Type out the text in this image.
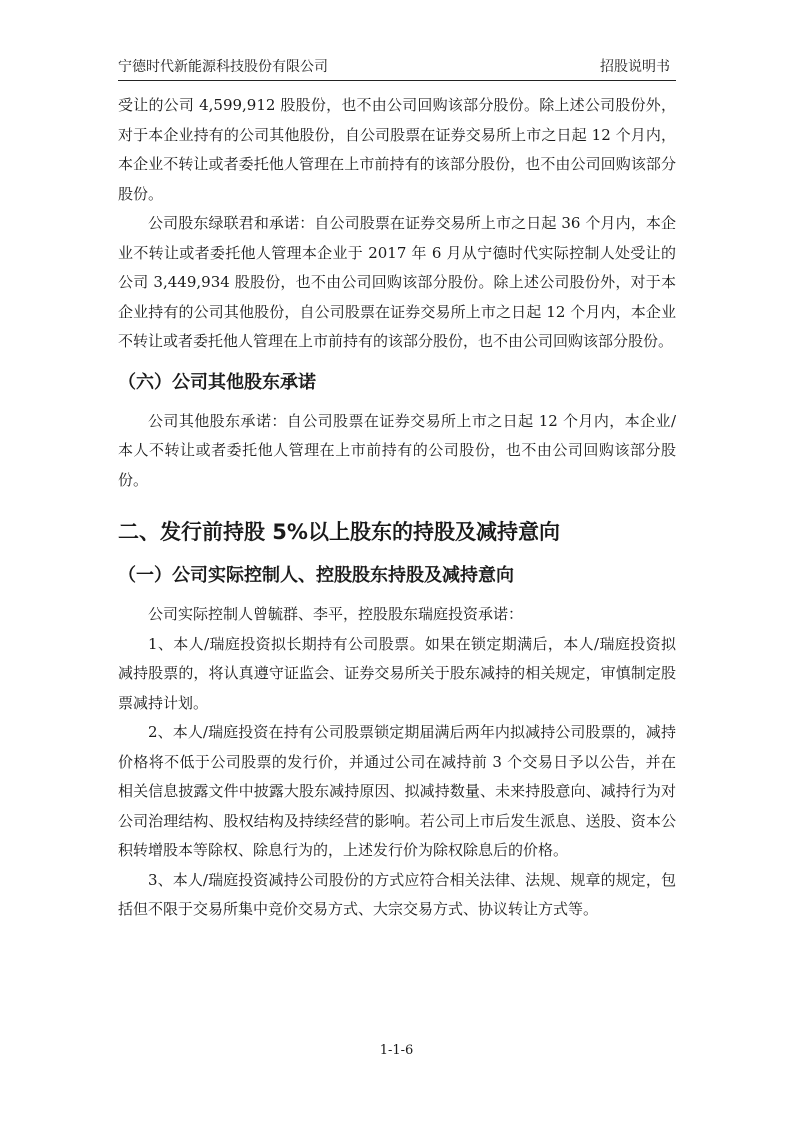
宁德时代新能源科技股份有限公司	招股说明书

受让的公司 4,599,912 股股份，也不由公司回购该部分股份。除上述公司股份外，对于本企业持有的公司其他股份，自公司股票在证券交易所上市之日起 12 个月内，本企业不转让或者委托他人管理在上市前持有的该部分股份，也不由公司回购该部分股份。

公司股东绿联君和承诺：自公司股票在证券交易所上市之日起 36 个月内，本企业不转让或者委托他人管理本企业于 2017 年 6 月从宁德时代实际控制人处受让的公司 3,449,934 股股份，也不由公司回购该部分股份。除上述公司股份外，对于本企业持有的公司其他股份，自公司股票在证券交易所上市之日起 12 个月内，本企业不转让或者委托他人管理在上市前持有的该部分股份，也不由公司回购该部分股份。

（六）公司其他股东承诺

公司其他股东承诺：自公司股票在证券交易所上市之日起 12 个月内，本企业/本人不转让或者委托他人管理在上市前持有的公司股份，也不由公司回购该部分股份。

二、发行前持股 5%以上股东的持股及减持意向
（一）公司实际控制人、控股股东持股及减持意向

公司实际控制人曾毓群、李平，控股股东瑞庭投资承诺：

1、本人/瑞庭投资拟长期持有公司股票。如果在锁定期满后，本人/瑞庭投资拟减持股票的，将认真遵守证监会、证券交易所关于股东减持的相关规定，审慎制定股票减持计划。

2、本人/瑞庭投资在持有公司股票锁定期届满后两年内拟减持公司股票的，减持价格将不低于公司股票的发行价，并通过公司在减持前 3 个交易日予以公告，并在相关信息披露文件中披露大股东减持原因、拟减持数量、未来持股意向、减持行为对公司治理结构、股权结构及持续经营的影响。若公司上市后发生派息、送股、资本公积转增股本等除权、除息行为的，上述发行价为除权除息后的价格。

3、本人/瑞庭投资减持公司股份的方式应符合相关法律、法规、规章的规定，包括但不限于交易所集中竞价交易方式、大宗交易方式、协议转让方式等。

1-1-6
